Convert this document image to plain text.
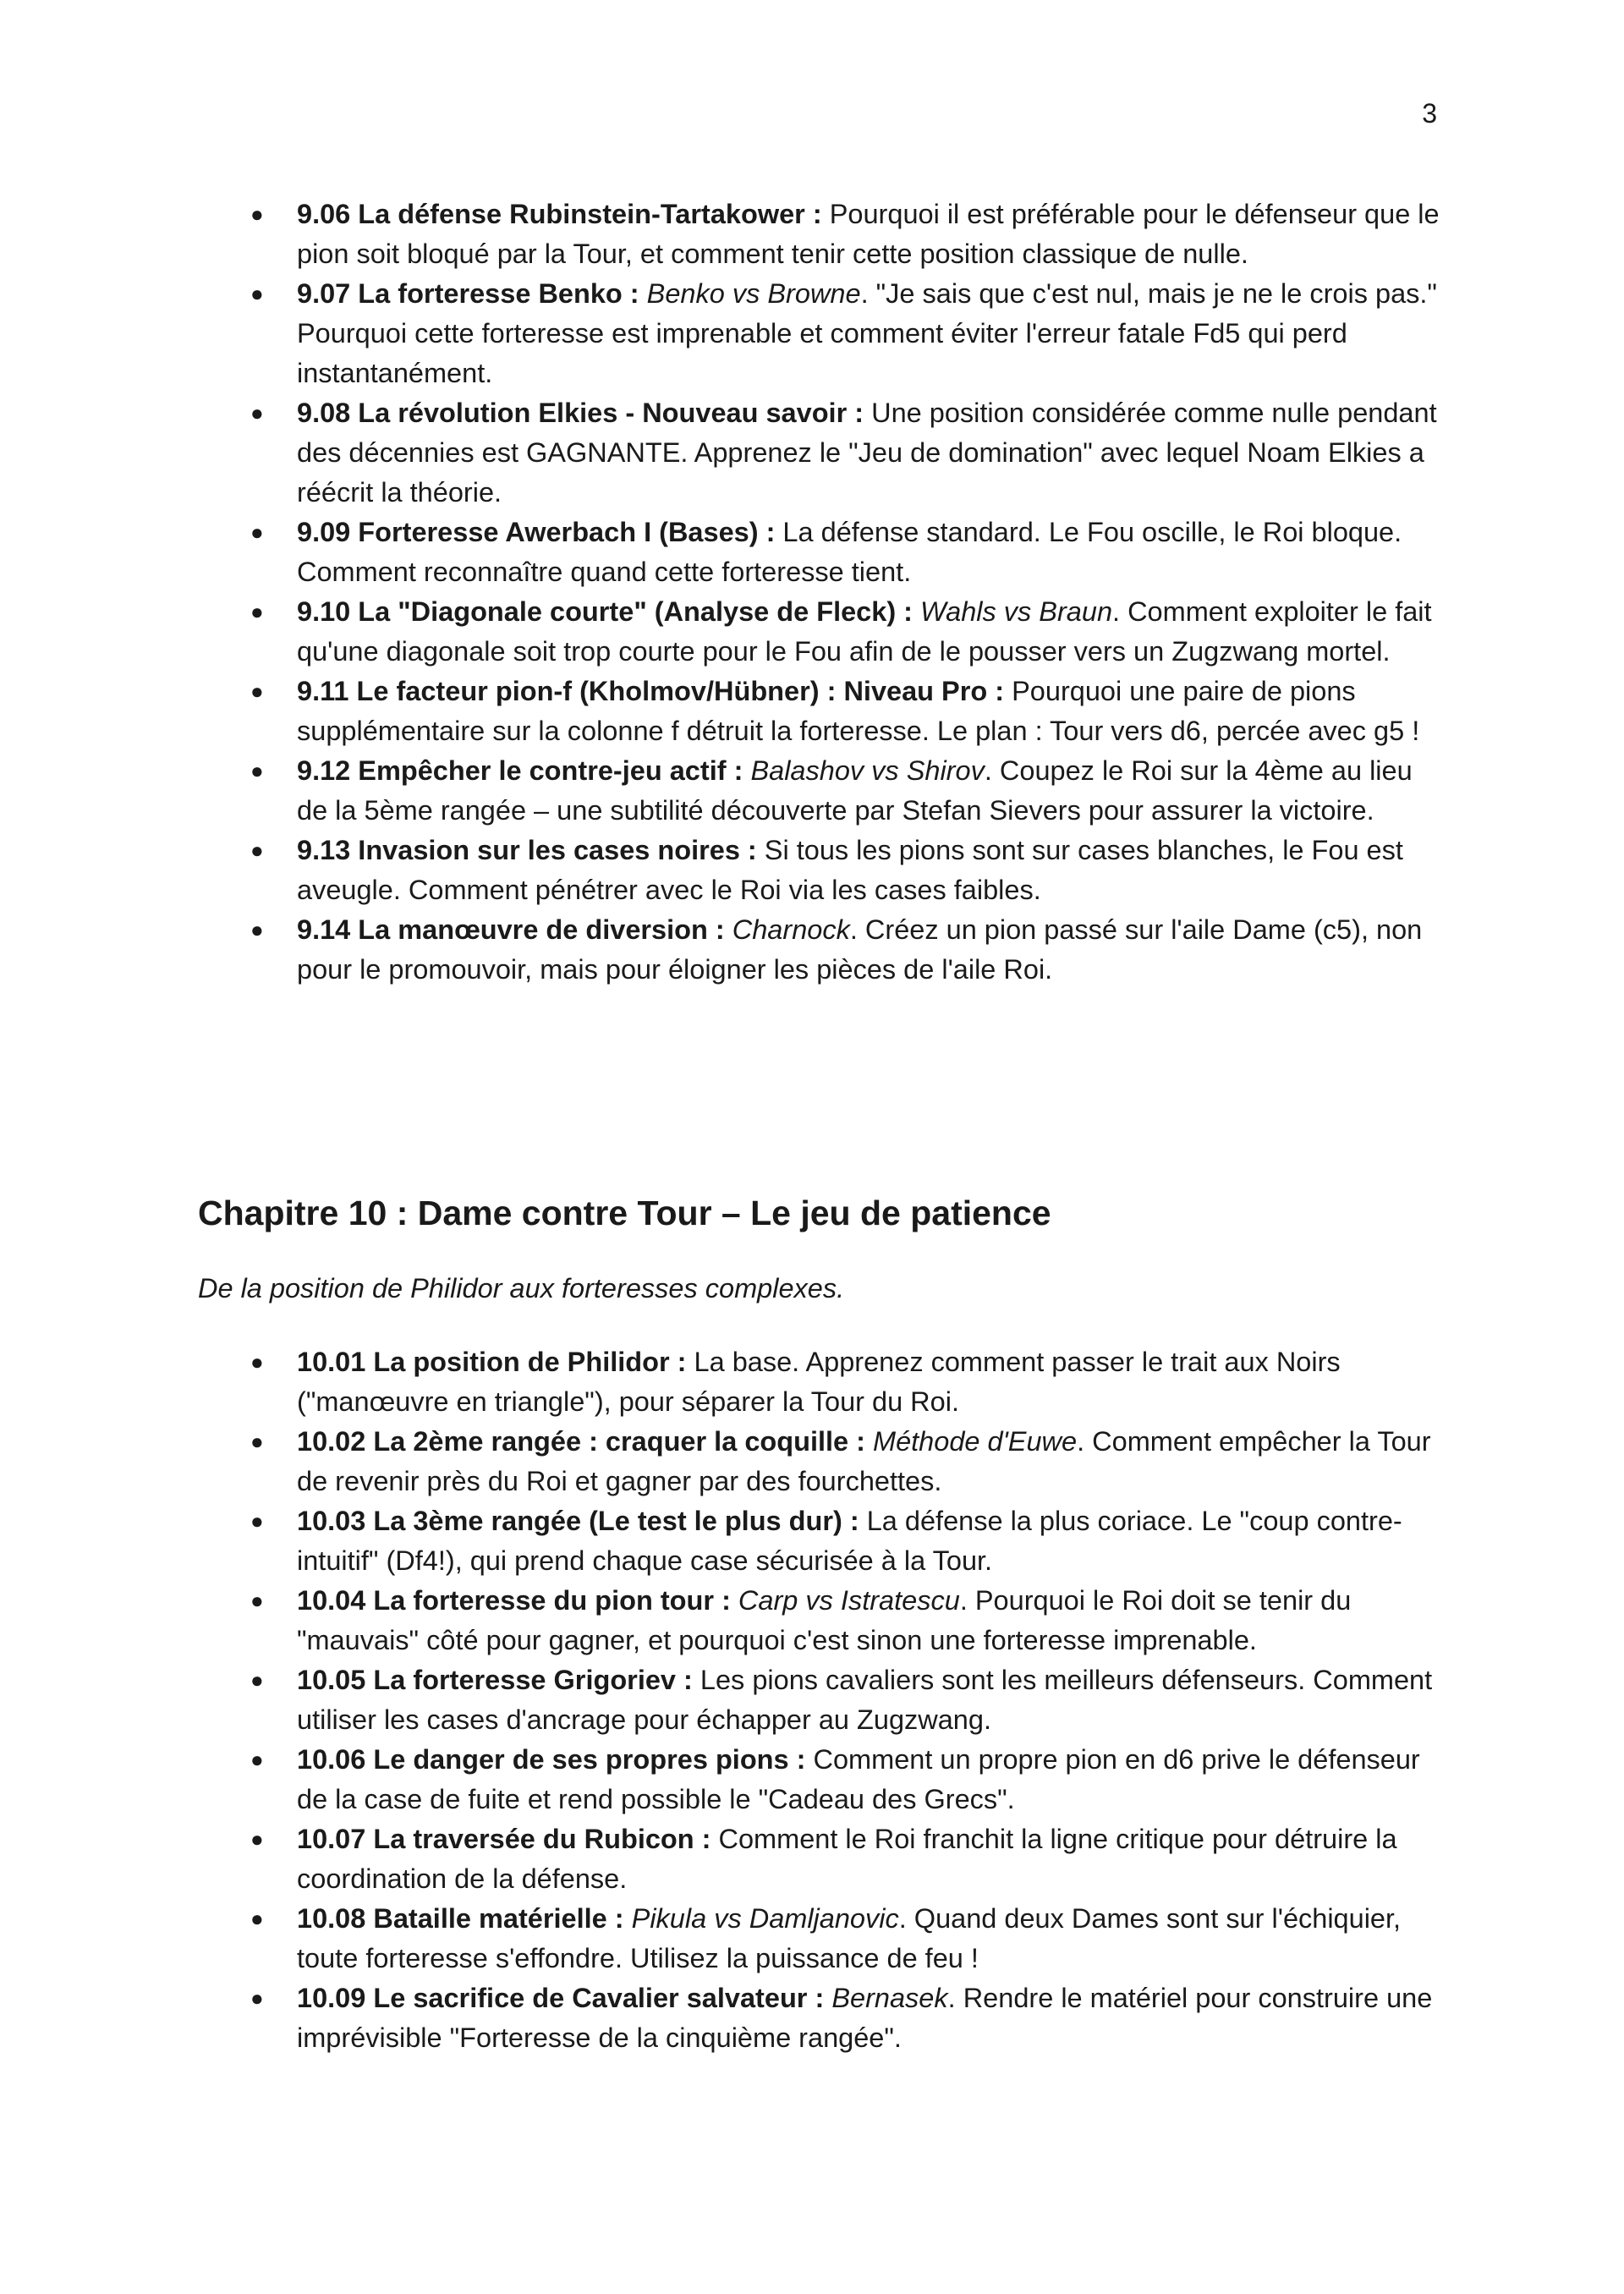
3
● 9.06 La défense Rubinstein-Tartakower : Pourquoi il est préférable pour le défenseur que le pion soit bloqué par la Tour, et comment tenir cette position classique de nulle.
● 9.07 La forteresse Benko : Benko vs Browne. "Je sais que c'est nul, mais je ne le crois pas." Pourquoi cette forteresse est imprenable et comment éviter l'erreur fatale Fd5 qui perd instantanément.
● 9.08 La révolution Elkies - Nouveau savoir : Une position considérée comme nulle pendant des décennies est GAGNANTE. Apprenez le "Jeu de domination" avec lequel Noam Elkies a réécrit la théorie.
● 9.09 Forteresse Awerbach I (Bases) : La défense standard. Le Fou oscille, le Roi bloque. Comment reconnaître quand cette forteresse tient.
● 9.10 La "Diagonale courte" (Analyse de Fleck) : Wahls vs Braun. Comment exploiter le fait qu'une diagonale soit trop courte pour le Fou afin de le pousser vers un Zugzwang mortel.
● 9.11 Le facteur pion-f (Kholmov/Hübner) : Niveau Pro : Pourquoi une paire de pions supplémentaire sur la colonne f détruit la forteresse. Le plan : Tour vers d6, percée avec g5 !
● 9.12 Empêcher le contre-jeu actif : Balashov vs Shirov. Coupez le Roi sur la 4ème au lieu de la 5ème rangée – une subtilité découverte par Stefan Sievers pour assurer la victoire.
● 9.13 Invasion sur les cases noires : Si tous les pions sont sur cases blanches, le Fou est aveugle. Comment pénétrer avec le Roi via les cases faibles.
● 9.14 La manœuvre de diversion : Charnock. Créez un pion passé sur l'aile Dame (c5), non pour le promouvoir, mais pour éloigner les pièces de l'aile Roi.
Chapitre 10 : Dame contre Tour – Le jeu de patience

De la position de Philidor aux forteresses complexes.

● 10.01 La position de Philidor : La base. Apprenez comment passer le trait aux Noirs ("manœuvre en triangle"), pour séparer la Tour du Roi.
● 10.02 La 2ème rangée : craquer la coquille : Méthode d'Euwe. Comment empêcher la Tour de revenir près du Roi et gagner par des fourchettes.
● 10.03 La 3ème rangée (Le test le plus dur) : La défense la plus coriace. Le "coup contre-intuitif" (Df4!), qui prend chaque case sécurisée à la Tour.
● 10.04 La forteresse du pion tour : Carp vs Istratescu. Pourquoi le Roi doit se tenir du "mauvais" côté pour gagner, et pourquoi c'est sinon une forteresse imprenable.
● 10.05 La forteresse Grigoriev : Les pions cavaliers sont les meilleurs défenseurs. Comment utiliser les cases d'ancrage pour échapper au Zugzwang.
● 10.06 Le danger de ses propres pions : Comment un propre pion en d6 prive le défenseur de la case de fuite et rend possible le "Cadeau des Grecs".
● 10.07 La traversée du Rubicon : Comment le Roi franchit la ligne critique pour détruire la coordination de la défense.
● 10.08 Bataille matérielle : Pikula vs Damljanovic. Quand deux Dames sont sur l'échiquier, toute forteresse s'effondre. Utilisez la puissance de feu !
● 10.09 Le sacrifice de Cavalier salvateur : Bernasek. Rendre le matériel pour construire une imprévisible "Forteresse de la cinquième rangée".
